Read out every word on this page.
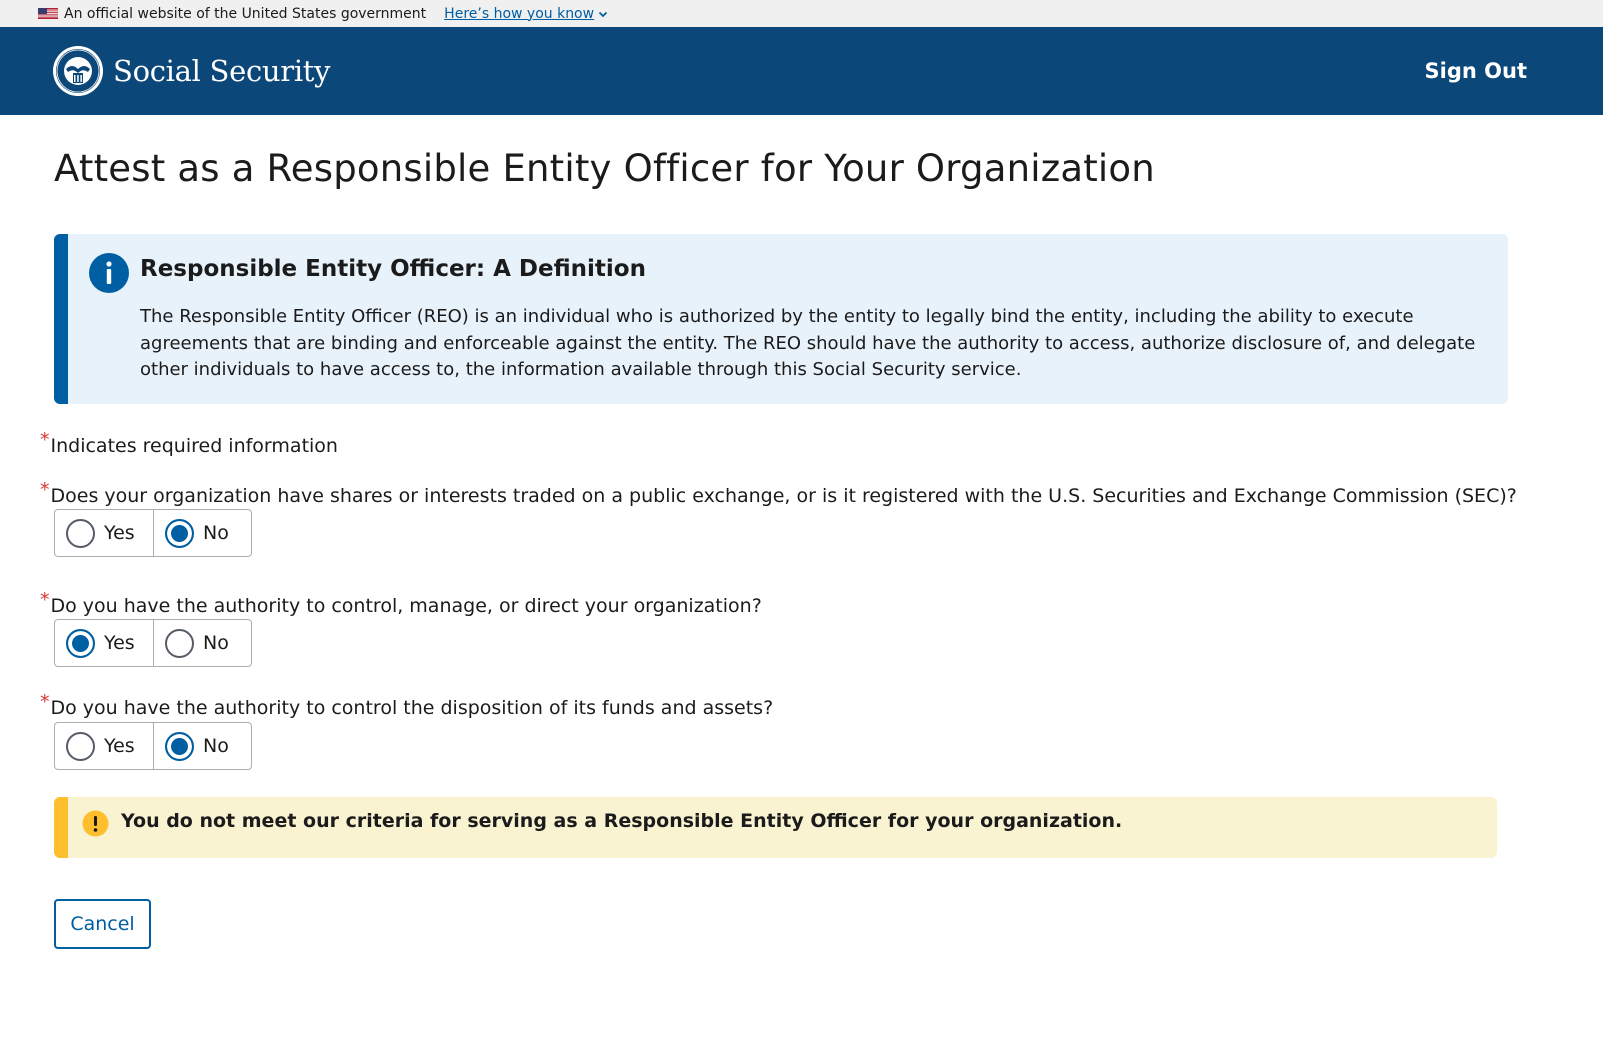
An official website of the United States government Here’s how you know
Social Security	Sign Out
Attest as a Responsible Entity Officer for Your Organization
Responsible Entity Officer: A Definition
The Responsible Entity Officer (REO) is an individual who is authorized by the entity to legally bind the entity, including the ability to execute agreements that are binding and enforceable against the entity. The REO should have the authority to access, authorize disclosure of, and delegate other individuals to have access to, the information available through this Social Security service.
*Indicates required information
*Does your organization have shares or interests traded on a public exchange, or is it registered with the U.S. Securities and Exchange Commission (SEC)?
Yes	No
*Do you have the authority to control, manage, or direct your organization?
Yes	No
*Do you have the authority to control the disposition of its funds and assets?
Yes	No
You do not meet our criteria for serving as a Responsible Entity Officer for your organization.
Cancel
